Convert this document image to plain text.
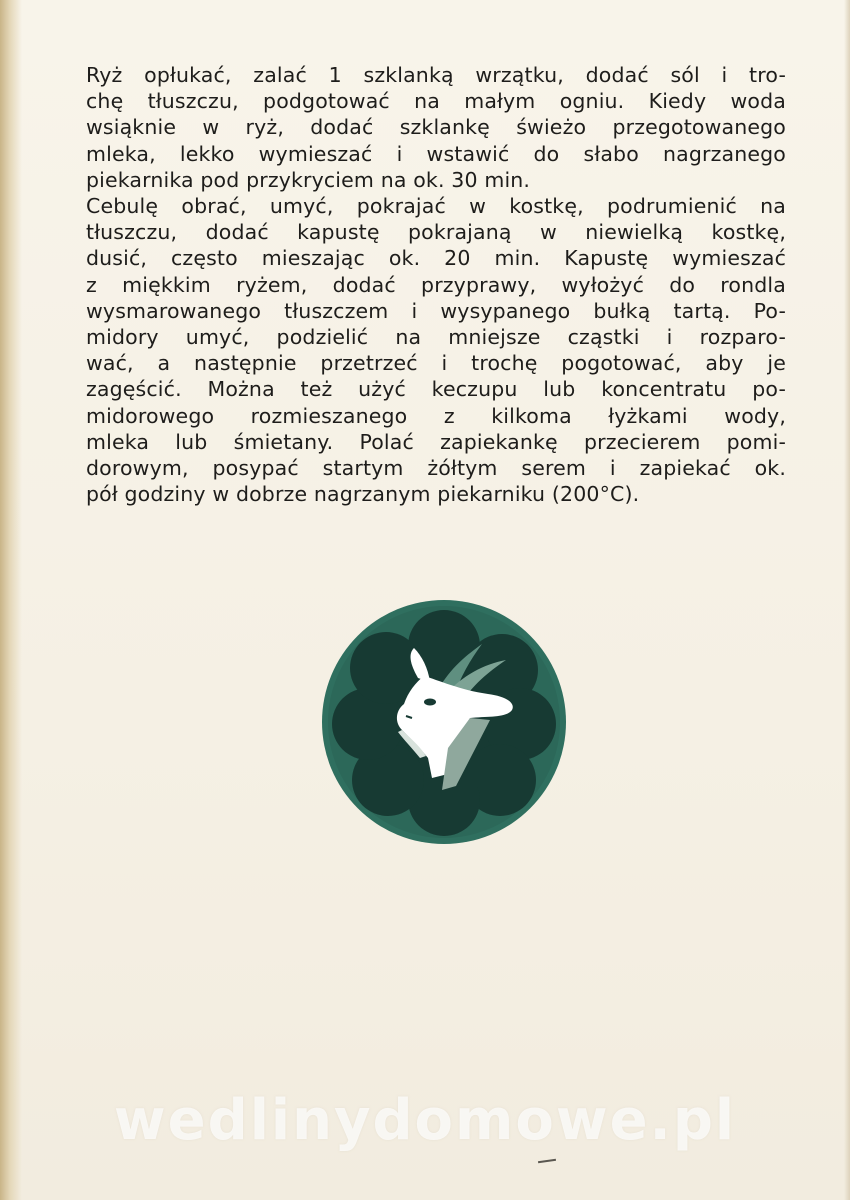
Ryż opłukać, zalać 1 szklanką wrzątku, dodać sól i tro-
chę tłuszczu, podgotować na małym ogniu. Kiedy woda
wsiąknie w ryż, dodać szklankę świeżo przegotowanego
mleka, lekko wymieszać i wstawić do słabo nagrzanego
piekarnika pod przykryciem na ok. 30 min.
Cebulę obrać, umyć, pokrajać w kostkę, podrumienić na
tłuszczu, dodać kapustę pokrajaną w niewielką kostkę,
dusić, często mieszając ok. 20 min. Kapustę wymieszać
z miękkim ryżem, dodać przyprawy, wyłożyć do rondla
wysmarowanego tłuszczem i wysypanego bułką tartą. Po-
midory umyć, podzielić na mniejsze cząstki i rozparo-
wać, a następnie przetrzeć i trochę pogotować, aby je
zagęścić. Można też użyć keczupu lub koncentratu po-
midorowego rozmieszanego z kilkoma łyżkami wody,
mleka lub śmietany. Polać zapiekankę przecierem pomi-
dorowym, posypać startym żółtym serem i zapiekać ok.
pół godziny w dobrze nagrzanym piekarniku (200°C).
wedlinydomowe.pl
